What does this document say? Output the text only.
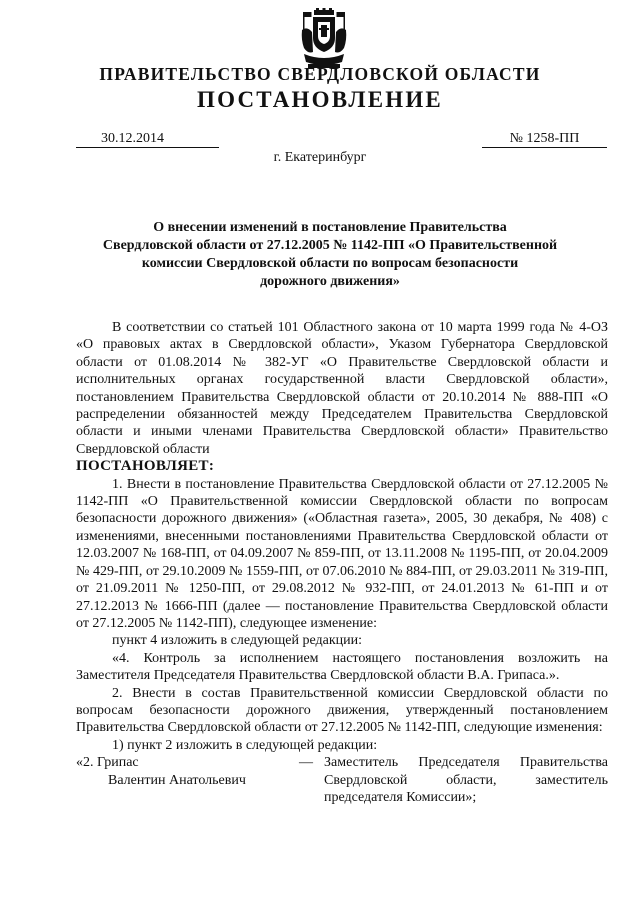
ПРАВИТЕЛЬСТВО СВЕРДЛОВСКОЙ ОБЛАСТИ
ПОСТАНОВЛЕНИЕ
30.12.2014	№ 1258-ПП
г. Екатеринбург
О внесении изменений в постановление Правительства
Свердловской области от 27.12.2005 № 1142-ПП «О Правительственной
комиссии Свердловской области по вопросам безопасности
дорожного движения»

В соответствии со статьей 101 Областного закона от 10 марта 1999 года № 4-ОЗ «О правовых актах в Свердловской области», Указом Губернатора Свердловской области от 01.08.2014 № 382-УГ «О Правительстве Свердловской области и исполнительных органах государственной власти Свердловской области», постановлением Правительства Свердловской области от 20.10.2014 № 888-ПП «О распределении обязанностей между Председателем Правительства Свердловской области и иными членами Правительства Свердловской области» Правительство Свердловской области

ПОСТАНОВЛЯЕТ:

1. Внести в постановление Правительства Свердловской области от 27.12.2005 № 1142-ПП «О Правительственной комиссии Свердловской области по вопросам безопасности дорожного движения» («Областная газета», 2005, 30 декабря, № 408) с изменениями, внесенными постановлениями Правительства Свердловской области от 12.03.2007 № 168-ПП, от 04.09.2007 № 859-ПП, от 13.11.2008 № 1195-ПП, от 20.04.2009 № 429-ПП, от 29.10.2009 № 1559-ПП, от 07.06.2010 № 884-ПП, от 29.03.2011 № 319-ПП, от 21.09.2011 № 1250-ПП, от 29.08.2012 № 932-ПП, от 24.01.2013 № 61-ПП и от 27.12.2013 № 1666-ПП (далее — постановление Правительства Свердловской области от 27.12.2005 № 1142-ПП), следующее изменение:

пункт 4 изложить в следующей редакции:

«4. Контроль за исполнением настоящего постановления возложить на Заместителя Председателя Правительства Свердловской области В.А. Грипаса.».

2. Внести в состав Правительственной комиссии Свердловской области по вопросам безопасности дорожного движения, утвержденный постановлением Правительства Свердловской области от 27.12.2005 № 1142-ПП, следующие изменения:

1) пункт 2 изложить в следующей редакции:

«2. Грипас
Валентин Анатольевич
— Заместитель Председателя Правительства Свердловской области, заместитель председателя Комиссии»;
